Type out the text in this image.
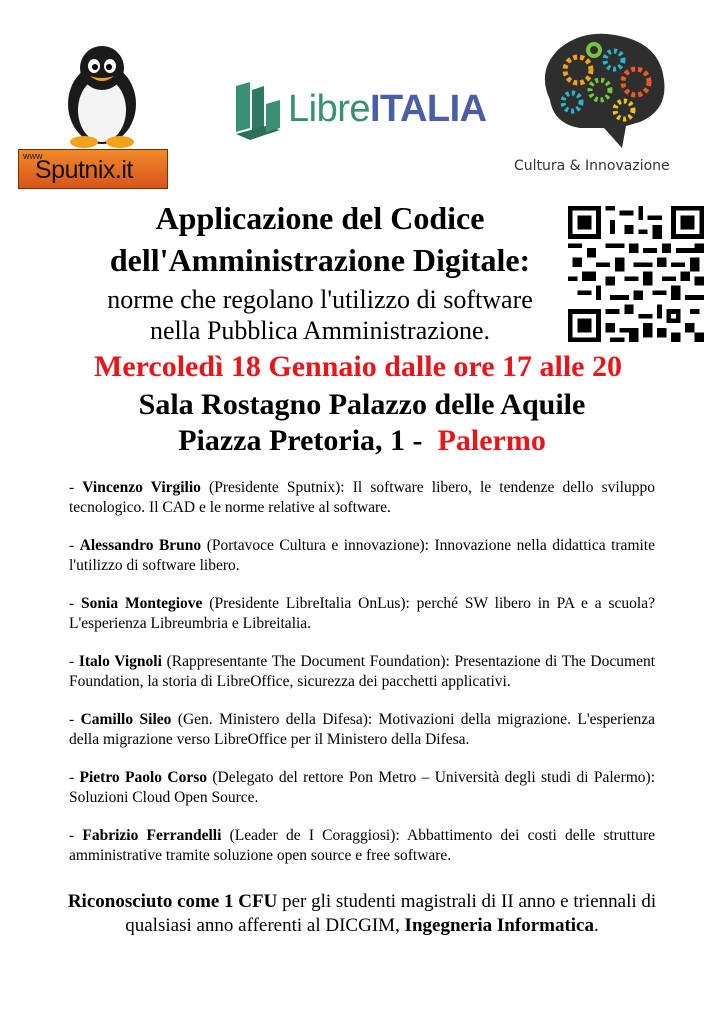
www
Sputnix.it
LibreITALIA
Cultura & Innovazione
Applicazione del Codice
dell'Amministrazione Digitale:
norme che regolano l'utilizzo di software
nella Pubblica Amministrazione.
Mercoledì 18 Gennaio dalle ore 17 alle 20
Sala Rostagno Palazzo delle Aquile
Piazza Pretoria, 1 - Palermo

- Vincenzo Virgilio (Presidente Sputnix): Il software libero, le tendenze dello sviluppo tecnologico. Il CAD e le norme relative al software.

- Alessandro Bruno (Portavoce Cultura e innovazione): Innovazione nella didattica tramite l'utilizzo di software libero.

- Sonia Montegiove (Presidente LibreItalia OnLus): perché SW libero in PA e a scuola? L'esperienza Libreumbria e Libreitalia.

- Italo Vignoli (Rappresentante The Document Foundation): Presentazione di The Document Foundation, la storia di LibreOffice, sicurezza dei pacchetti applicativi.

- Camillo Sileo (Gen. Ministero della Difesa): Motivazioni della migrazione. L'esperienza della migrazione verso LibreOffice per il Ministero della Difesa.

- Pietro Paolo Corso (Delegato del rettore Pon Metro – Università degli studi di Palermo): Soluzioni Cloud Open Source.

- Fabrizio Ferrandelli (Leader de I Coraggiosi): Abbattimento dei costi delle strutture amministrative tramite soluzione open source e free software.

Riconosciuto come 1 CFU per gli studenti magistrali di II anno e triennali di qualsiasi anno afferenti al DICGIM, Ingegneria Informatica.
